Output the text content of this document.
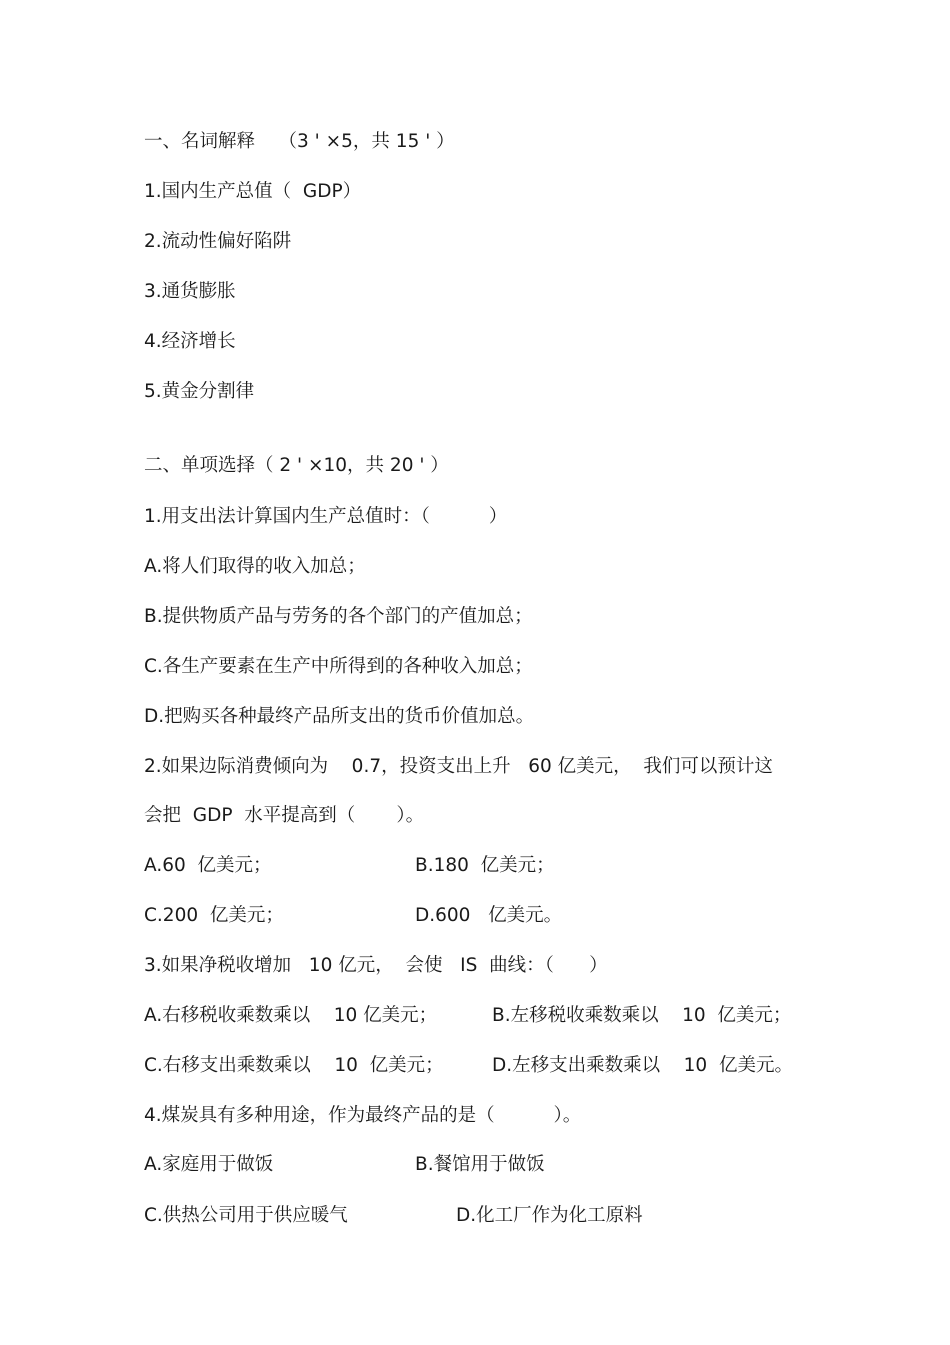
一、名词解释    （3 ' ×5，共 15 ' ）
1.国内生产总值（  GDP）
2.流动性偏好陷阱
3.通货膨胀
4.经济增长
5.黄金分割律
二、单项选择（ 2 ' ×10，共 20 ' ）
1.用支出法计算国内生产总值时：（          ）
A.将人们取得的收入加总；
B.提供物质产品与劳务的各个部门的产值加总；
C.各生产要素在生产中所得到的各种收入加总；
D.把购买各种最终产品所支出的货币价值加总。
2.如果边际消费倾向为    0.7，投资支出上升   60 亿美元，  我们可以预计这
会把  GDP  水平提高到（       ）。
A.60  亿美元；	B.180  亿美元；
C.200  亿美元；	D.600   亿美元。
3.如果净税收增加   10 亿元，  会使   IS  曲线：（      ）
A.右移税收乘数乘以    10 亿美元；	B.左移税收乘数乘以    10  亿美元；
C.右移支出乘数乘以    10  亿美元；	D.左移支出乘数乘以    10  亿美元。
4.煤炭具有多种用途，作为最终产品的是（          ）。
A.家庭用于做饭	B.餐馆用于做饭
C.供热公司用于供应暖气	D.化工厂作为化工原料
